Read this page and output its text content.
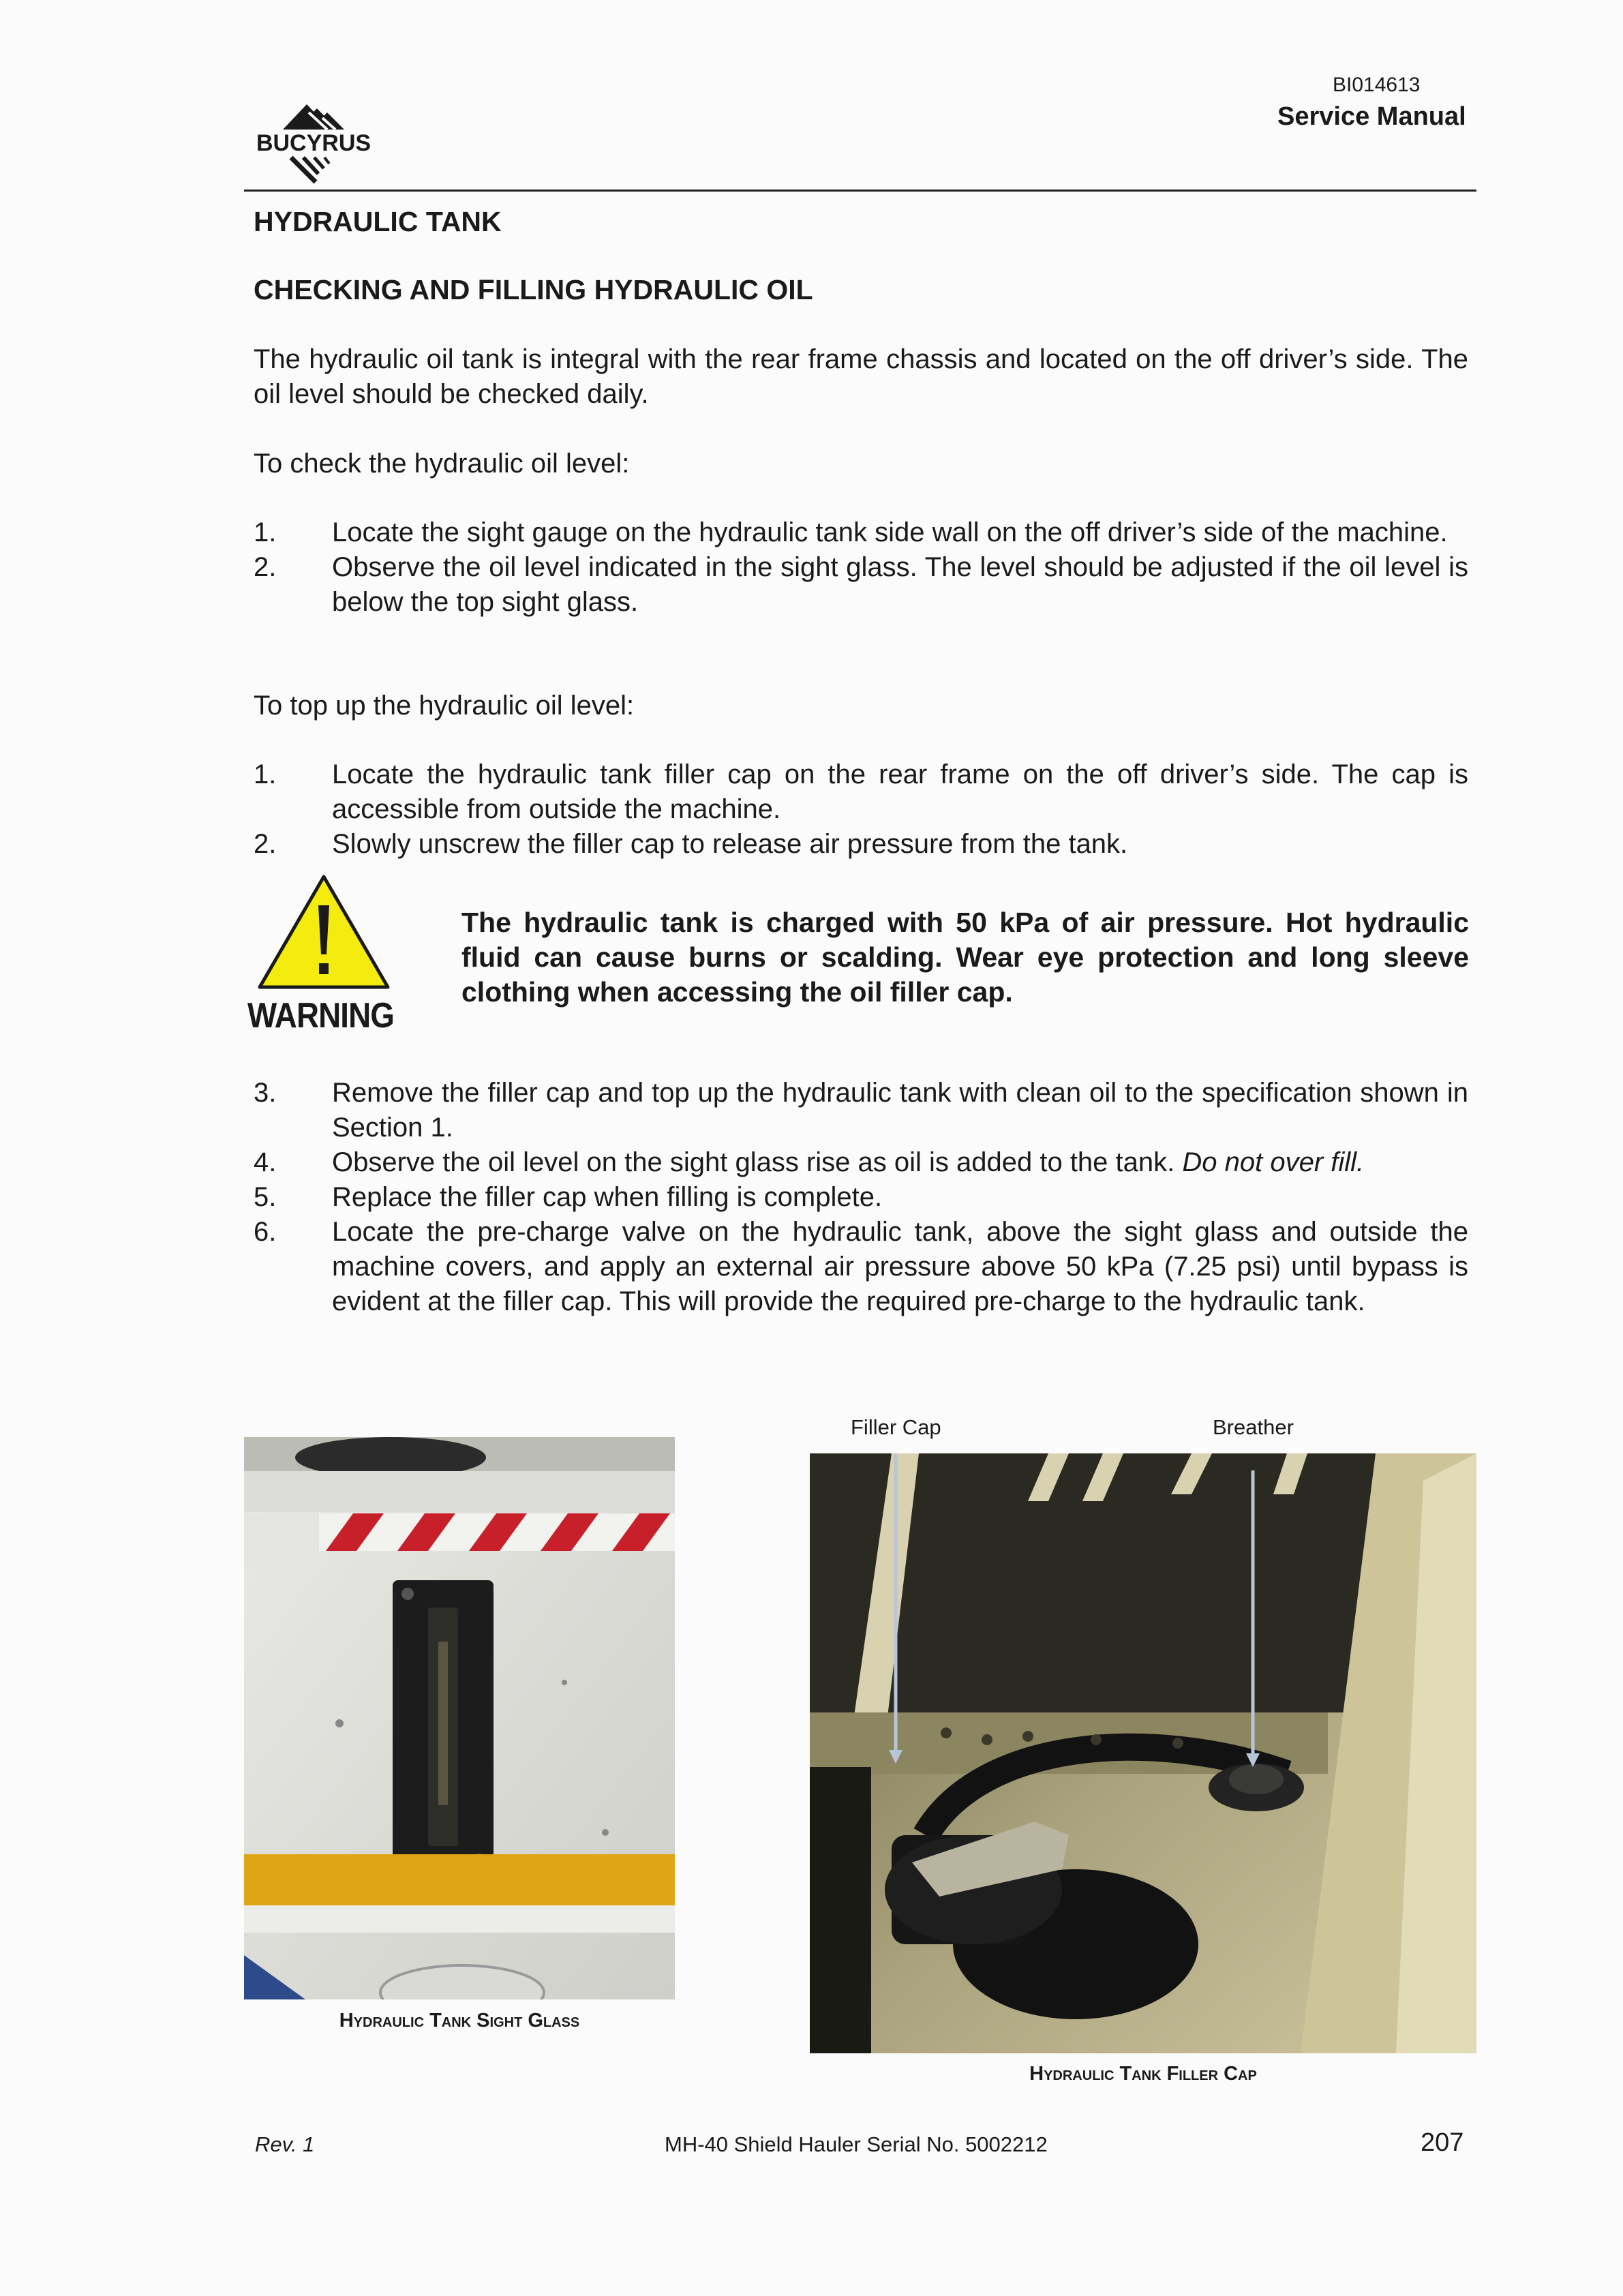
BI014613
Service Manual
BUCYRUS
HYDRAULIC TANK
CHECKING AND FILLING HYDRAULIC OIL
The hydraulic oil tank is integral with the rear frame chassis and located on the off driver’s side. The oil level should be checked daily.
To check the hydraulic oil level:
1. Locate the sight gauge on the hydraulic tank side wall on the off driver’s side of the machine.
2. Observe the oil level indicated in the sight glass. The level should be adjusted if the oil level is below the top sight glass.
To top up the hydraulic oil level:
1. Locate the hydraulic tank filler cap on the rear frame on the off driver’s side. The cap is accessible from outside the machine.
2. Slowly unscrew the filler cap to release air pressure from the tank.
WARNING
The hydraulic tank is charged with 50 kPa of air pressure. Hot hydraulic fluid can cause burns or scalding. Wear eye protection and long sleeve clothing when accessing the oil filler cap.
3. Remove the filler cap and top up the hydraulic tank with clean oil to the specification shown in Section 1.
4. Observe the oil level on the sight glass rise as oil is added to the tank. Do not over fill.
5. Replace the filler cap when filling is complete.
6. Locate the pre-charge valve on the hydraulic tank, above the sight glass and outside the machine covers, and apply an external air pressure above 50 kPa (7.25 psi) until bypass is evident at the filler cap. This will provide the required pre-charge to the hydraulic tank.
Hydraulic Tank Sight Glass
Filler Cap	Breather
Hydraulic Tank Filler Cap
Rev. 1	MH-40 Shield Hauler Serial No. 5002212	207
